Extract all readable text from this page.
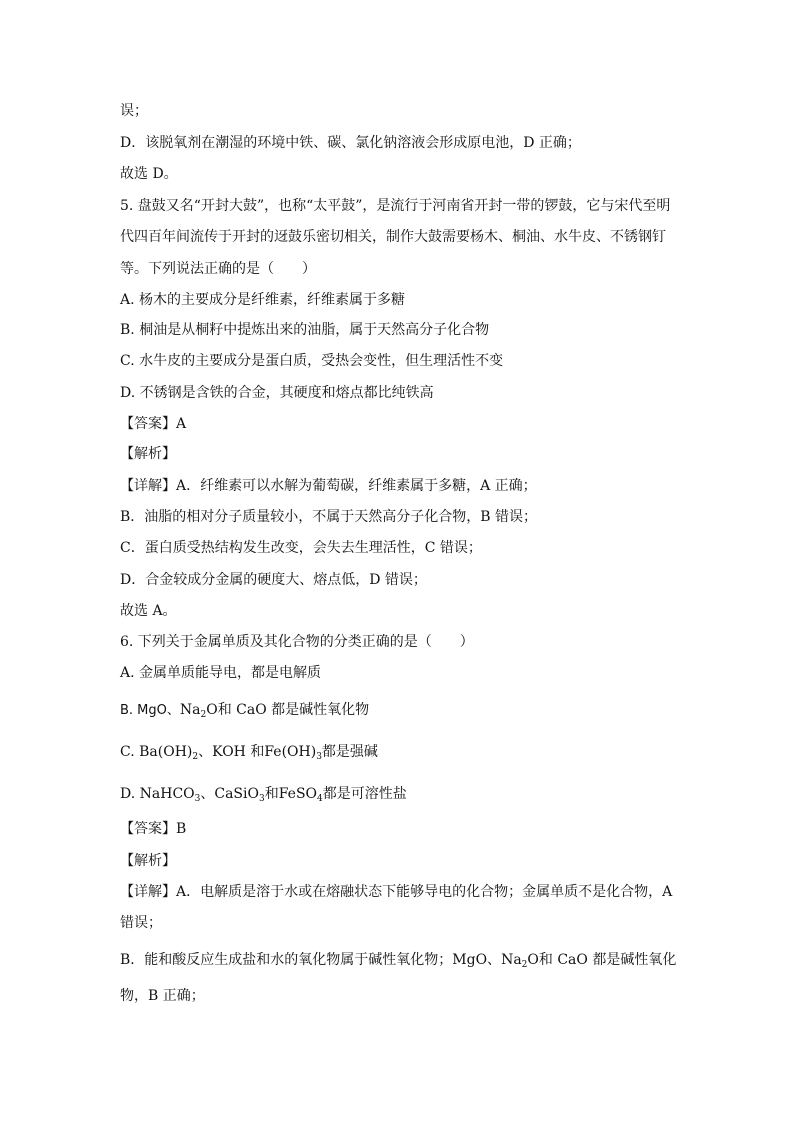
误；
D．该脱氧剂在潮湿的环境中铁、碳、氯化钠溶液会形成原电池，D 正确；
故选 D。
5. 盘鼓又名“开封大鼓”，也称“太平鼓”，是流行于河南省开封一带的锣鼓，它与宋代至明
代四百年间流传于开封的迓鼓乐密切相关，制作大鼓需要杨木、桐油、水牛皮、不锈钢钉
等。下列说法正确的是（　　）
A. 杨木的主要成分是纤维素，纤维素属于多糖
B. 桐油是从桐籽中提炼出来的油脂，属于天然高分子化合物
C. 水牛皮的主要成分是蛋白质，受热会变性，但生理活性不变
D. 不锈钢是含铁的合金，其硬度和熔点都比纯铁高
【答案】A
【解析】
【详解】A．纤维素可以水解为葡萄碳，纤维素属于多糖，A 正确；
B．油脂的相对分子质量较小，不属于天然高分子化合物，B 错误；
C．蛋白质受热结构发生改变，会失去生理活性，C 错误；
D．合金较成分金属的硬度大、熔点低，D 错误；
故选 A。
6. 下列关于金属单质及其化合物的分类正确的是（　　）
A. 金属单质能导电，都是电解质
B. MgO、$Na_2O$和 CaO 都是碱性氧化物
C. $Ba(OH)_2$、KOH 和$Fe(OH)_3$都是强碱
D. NaHCO$_3$、CaSiO$_3$和FeSO$_4$都是可溶性盐
【答案】B
【解析】
【详解】A．电解质是溶于水或在熔融状态下能够导电的化合物；金属单质不是化合物，A
错误；
B．能和酸反应生成盐和水的氧化物属于碱性氧化物；MgO、$Na_2O$和 CaO 都是碱性氧化
物，B 正确；
